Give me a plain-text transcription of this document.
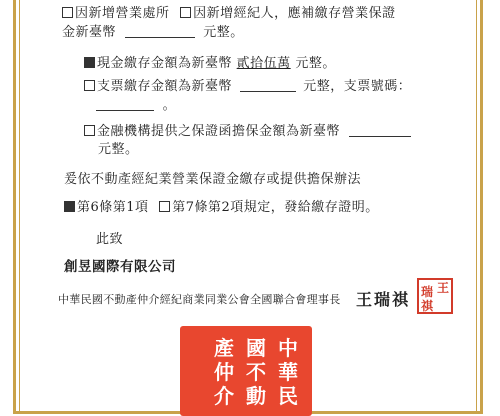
因新增營業處所 因新增經紀人，應補繳存營業保證
金新臺幣	元整。
現金繳存金額為新臺幣 貳拾伍萬 元整。
支票繳存金額為新臺幣	元整，支票號碼：
。
金融機構提供之保證函擔保金額為新臺幣
元整。
爰依不動產經紀業營業保證金繳存或提供擔保辦法
第6條第1項 第7條第2項規定，發給繳存證明。
此致
創昱國際有限公司
中華民國不動產仲介經紀商業同業公會全國聯合會理事長 王瑞祺
王
瑞
祺
中
華
民
國
不
動
產
仲
介
